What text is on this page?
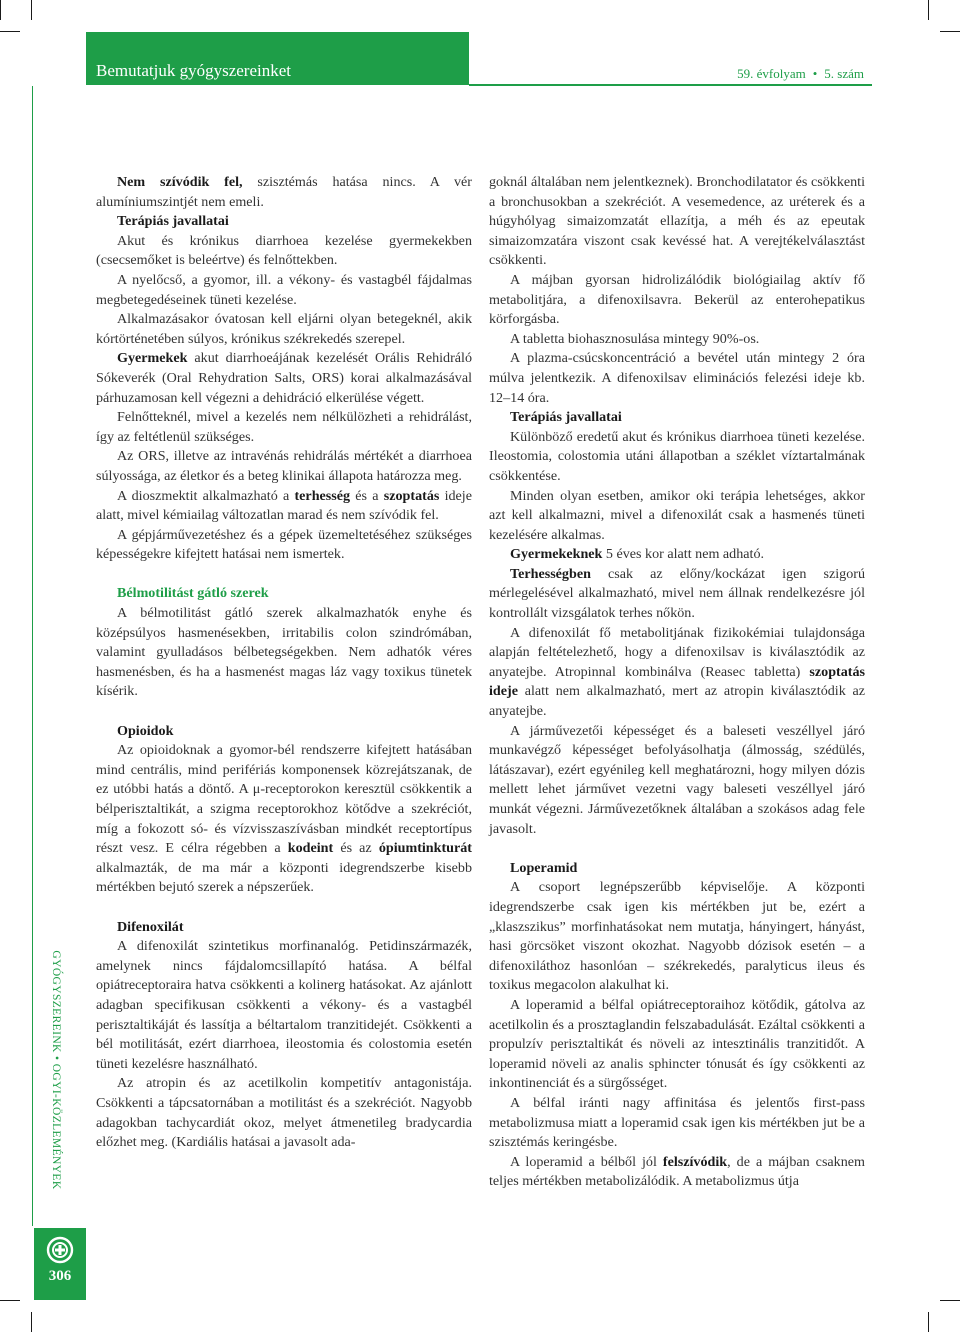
Bemutatjuk gyógyszereinket	59. évfolyam • 5. szám
GYÓGYSZEREINK • OGYI-KÖZLEMÉNYEK
306

Nem szívódik fel, szisztémás hatása nincs. A vér alumíniumszintjét nem emeli.

Terápiás javallatai

Akut és krónikus diarrhoea kezelése gyermekekben (csecsemőket is beleértve) és felnőttekben.

A nyelőcső, a gyomor, ill. a vékony- és vastagbél fájdalmas megbetegedéseinek tüneti kezelése.

Alkalmazásakor óvatosan kell eljárni olyan betegeknél, akik kórtörténetében súlyos, krónikus székrekedés szerepel.

Gyermekek akut diarrhoeájának kezelését Orális Rehidráló Sókeverék (Oral Rehydration Salts, ORS) korai alkalmazásával párhuzamosan kell végezni a dehidráció elkerülése végett.

Felnőtteknél, mivel a kezelés nem nélkülözheti a rehidrálást, így az feltétlenül szükséges.

Az ORS, illetve az intravénás rehidrálás mértékét a diarrhoea súlyossága, az életkor és a beteg klinikai állapota határozza meg.

A dioszmektit alkalmazható a terhesség és a szoptatás ideje alatt, mivel kémiailag változatlan marad és nem szívódik fel.

A gépjárművezetéshez és a gépek üzemeltetéséhez szükséges képességekre kifejtett hatásai nem ismertek.

Bélmotilitást gátló szerek

A bélmotilitást gátló szerek alkalmazhatók enyhe és középsúlyos hasmenésekben, irritabilis colon szindrómában, valamint gyulladásos bélbetegségekben. Nem adhatók véres hasmenésben, és ha a hasmenést magas láz vagy toxikus tünetek kísérik.

Opioidok

Az opioidoknak a gyomor-bél rendszerre kifejtett hatásában mind centrális, mind perifériás komponensek közrejátszanak, de ez utóbbi hatás a döntő. A μ-receptorokon keresztül csökkentik a bélperisztaltikát, a szigma receptorokhoz kötődve a szekréciót, míg a fokozott só- és vízvisszaszívásban mindkét receptortípus részt vesz. E célra régebben a kodeint és az ópiumtinkturát alkalmazták, de ma már a központi idegrendszerbe kisebb mértékben bejutó szerek a népszerűek.

Difenoxilát

A difenoxilát szintetikus morfinanalóg. Petidinszármazék, amelynek nincs fájdalomcsillapító hatása. A bélfal opiátreceptoraira hatva csökkenti a kolinerg hatásokat. Az ajánlott adagban specifikusan csökkenti a vékony- és a vastagbél perisztaltikáját és lassítja a béltartalom tranzitidejét. Csökkenti a bél motilitását, ezért diarrhoea, ileostomia és colostomia esetén tüneti kezelésre használható.

Az atropin és az acetilkolin kompetitív antagonistája. Csökkenti a tápcsatornában a motilitást és a szekréciót. Nagyobb adagokban tachycardiát okoz, melyet átmenetileg bradycardia előzhet meg. (Kardiális hatásai a javasolt ada-

goknál általában nem jelentkeznek). Bronchodilatator és csökkenti a bronchusokban a szekréciót. A vesemedence, az uréterek és a húgyhólyag simaizomzatát ellazítja, a méh és az epeutak simaizomzatára viszont csak kevéssé hat. A verejtékelválasztást csökkenti.

A májban gyorsan hidrolizálódik biológiailag aktív fő metabolitjára, a difenoxilsavra. Bekerül az enterohepatikus körforgásba.

A tabletta biohasznosulása mintegy 90%-os.

A plazma-csúcskoncentráció a bevétel után mintegy 2 óra múlva jelentkezik. A difenoxilsav eliminációs felezési ideje kb. 12–14 óra.

Terápiás javallatai

Különböző eredetű akut és krónikus diarrhoea tüneti kezelése. Ileostomia, colostomia utáni állapotban a széklet víztartalmának csökkentése.

Minden olyan esetben, amikor oki terápia lehetséges, akkor azt kell alkalmazni, mivel a difenoxilát csak a hasmenés tüneti kezelésére alkalmas.

Gyermekeknek 5 éves kor alatt nem adható.

Terhességben csak az előny/kockázat igen szigorú mérlegelésével alkalmazható, mivel nem állnak rendelkezésre jól kontrollált vizsgálatok terhes nőkön.

A difenoxilát fő metabolitjának fizikokémiai tulajdonsága alapján feltételezhető, hogy a difenoxilsav is kiválasztódik az anyatejbe. Atropinnal kombinálva (Reasec tabletta) szoptatás ideje alatt nem alkalmazható, mert az atropin kiválasztódik az anyatejbe.

A járművezetői képességet és a baleseti veszéllyel járó munkavégző képességet befolyásolhatja (álmosság, szédülés, látászavar), ezért egyénileg kell meghatározni, hogy milyen dózis mellett lehet járművet vezetni vagy baleseti veszéllyel járó munkát végezni. Járművezetőknek általában a szokásos adag fele javasolt.

Loperamid

A csoport legnépszerűbb képviselője. A központi idegrendszerbe csak igen kis mértékben jut be, ezért a „klaszszikus” morfinhatásokat nem mutatja, hányingert, hányást, hasi görcsöket viszont okozhat. Nagyobb dózisok esetén – a difenoxiláthoz hasonlóan – székrekedés, paralyticus ileus és toxikus megacolon alakulhat ki.

A loperamid a bélfal opiátreceptoraihoz kötődik, gátolva az acetilkolin és a prosztaglandin felszabadulását. Ezáltal csökkenti a propulzív perisztaltikát és növeli az intesztinális tranzitidőt. A loperamid növeli az analis sphincter tónusát és így csökkenti az inkontinenciát és a sürgősséget.

A bélfal iránti nagy affinitása és jelentős first-pass metabolizmusa miatt a loperamid csak igen kis mértékben jut be a szisztémás keringésbe.

A loperamid a bélből jól felszívódik, de a májban csaknem teljes mértékben metabolizálódik. A metabolizmus útja
